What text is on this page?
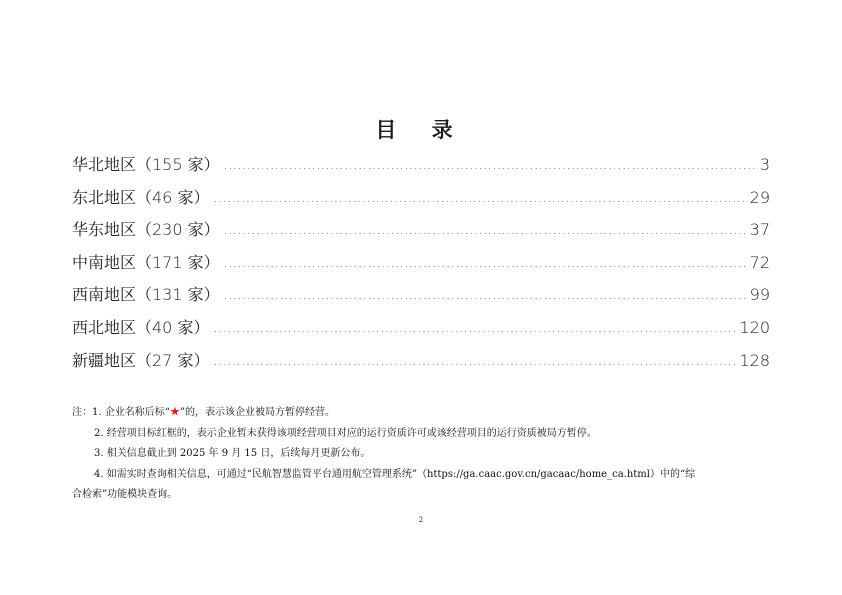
目 录
华北地区（155 家） .....	3
东北地区（46 家） .....	29
华东地区（230 家） .....	37
中南地区（171 家） .....	72
西南地区（131 家） .....	99
西北地区（40 家） .....	120
新疆地区（27 家） .....	128

注：1. 企业名称后标“★”的，表示该企业被局方暂停经营。

2. 经营项目标红框的，表示企业暂未获得该项经营项目对应的运行资质许可或该经营项目的运行资质被局方暂停。

3. 相关信息截止到 2025 年 9 月 15 日，后续每月更新公布。

4. 如需实时查询相关信息，可通过“民航智慧监管平台通用航空管理系统”（https://ga.caac.gov.cn/gacaac/home_ca.html）中的“综

合检索”功能模块查询。

2
